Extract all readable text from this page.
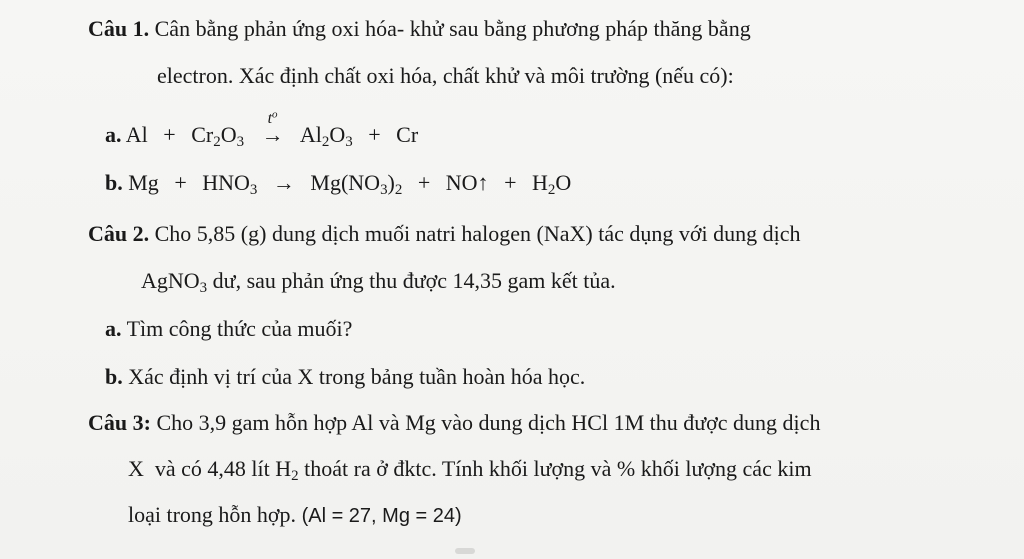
Câu 1. Cân bằng phản ứng oxi hóa- khử sau bằng phương pháp thăng bằng
electron. Xác định chất oxi hóa, chất khử và môi trường (nếu có):
a. $Al + Cr_2O_3$
$t^o$
→ $Al_2O_3 + Cr$
b. $Mg + HNO_3 \to Mg(NO_3)_2$ + NO↑ + $H_2O$
Câu 2. Cho 5,85 (g) dung dịch muối natri halogen (NaX) tác dụng với dung dịch
AgNO$_3$ dư, sau phản ứng thu được 14,35 gam kết tủa.
a. Tìm công thức của muối?
b. Xác định vị trí của X trong bảng tuần hoàn hóa học.
Câu 3: Cho 3,9 gam hỗn hợp Al và Mg vào dung dịch HCl 1M thu được dung dịch
X  và có 4,48 lít $H_2$ thoát ra ở đktc. Tính khối lượng và % khối lượng các kim
loại trong hỗn hợp. (Al = 27, Mg = 24)
